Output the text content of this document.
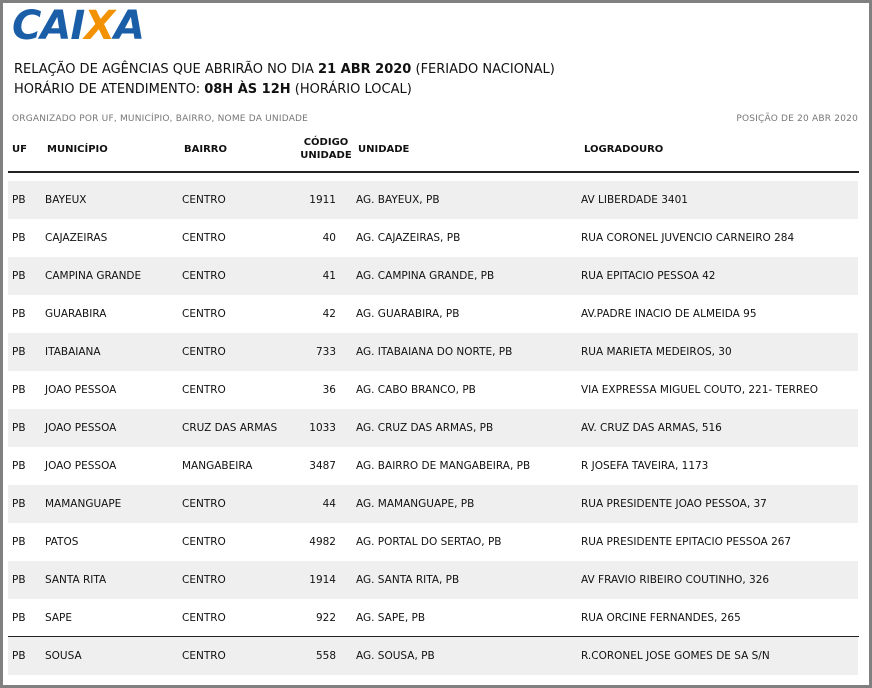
CAIXA
RELAÇÃO DE AGÊNCIAS QUE ABRIRÃO NO DIA 21 ABR 2020 (FERIADO NACIONAL)
HORÁRIO DE ATENDIMENTO: 08H ÀS 12H (HORÁRIO LOCAL)
ORGANIZADO POR UF, MUNICÍPIO, BAIRRO, NOME DA UNIDADE	POSIÇÃO DE 20 ABR 2020
UF MUNICÍPIO	BAIRRO
CÓDIGO
UNIDADE
UNIDADE	LOGRADOURO
PB BAYEUX	CENTRO	1911 AG. BAYEUX, PB	AV LIBERDADE 3401
PB CAJAZEIRAS	CENTRO	40 AG. CAJAZEIRAS, PB	RUA CORONEL JUVENCIO CARNEIRO 284
PB CAMPINA GRANDE	CENTRO	41 AG. CAMPINA GRANDE, PB	RUA EPITACIO PESSOA 42
PB GUARABIRA	CENTRO	42 AG. GUARABIRA, PB	AV.PADRE INACIO DE ALMEIDA 95
PB ITABAIANA	CENTRO	733 AG. ITABAIANA DO NORTE, PB	RUA MARIETA MEDEIROS, 30
PB JOAO PESSOA	CENTRO	36 AG. CABO BRANCO, PB	VIA EXPRESSA MIGUEL COUTO, 221- TERREO
PB JOAO PESSOA	CRUZ DAS ARMAS	1033 AG. CRUZ DAS ARMAS, PB	AV. CRUZ DAS ARMAS, 516
PB JOAO PESSOA	MANGABEIRA	3487 AG. BAIRRO DE MANGABEIRA, PB	R JOSEFA TAVEIRA, 1173
PB MAMANGUAPE	CENTRO	44 AG. MAMANGUAPE, PB	RUA PRESIDENTE JOAO PESSOA, 37
PB PATOS	CENTRO	4982 AG. PORTAL DO SERTAO, PB	RUA PRESIDENTE EPITACIO PESSOA 267
PB SANTA RITA	CENTRO	1914 AG. SANTA RITA, PB	AV FRAVIO RIBEIRO COUTINHO, 326
PB SAPE	CENTRO	922 AG. SAPE, PB	RUA ORCINE FERNANDES, 265
PB SOUSA	CENTRO	558 AG. SOUSA, PB	R.CORONEL JOSE GOMES DE SA S/N
